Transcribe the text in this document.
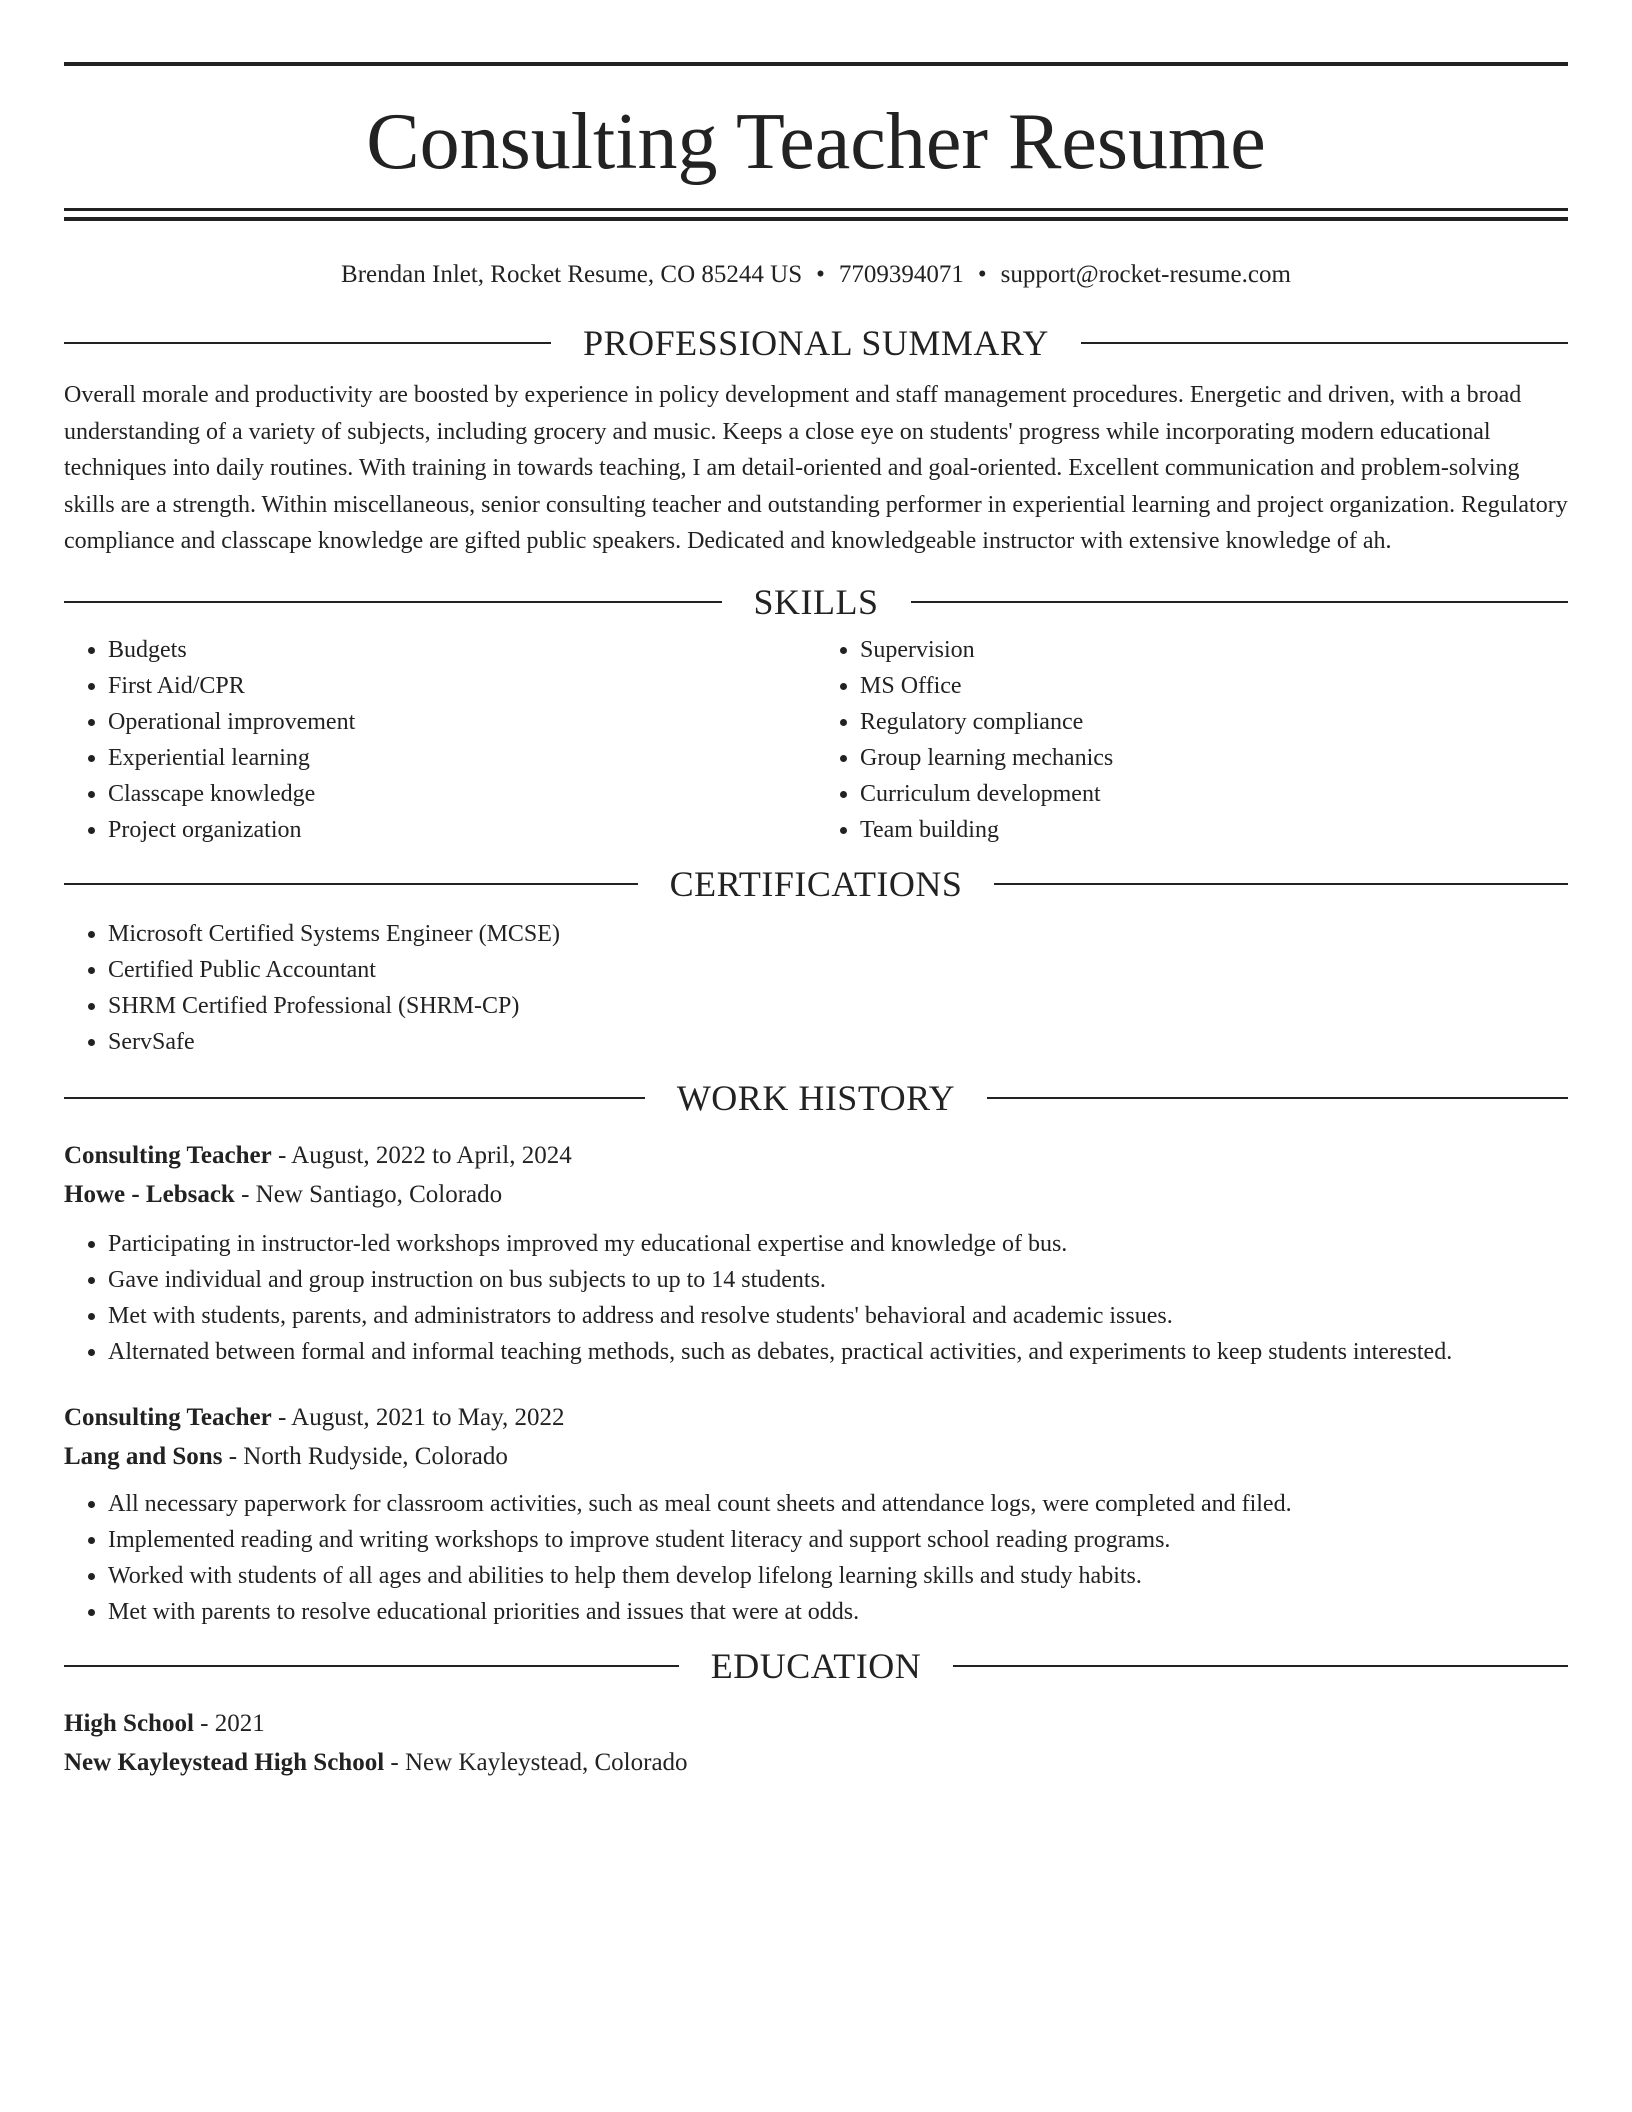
Consulting Teacher Resume
Brendan Inlet, Rocket Resume, CO 85244 US • 7709394071 • support@rocket-resume.com
PROFESSIONAL SUMMARY

Overall morale and productivity are boosted by experience in policy development and staff management procedures. Energetic and driven, with a broad understanding of a variety of subjects, including grocery and music. Keeps a close eye on students' progress while incorporating modern educational techniques into daily routines. With training in towards teaching, I am detail-oriented and goal-oriented. Excellent communication and problem-solving skills are a strength. Within miscellaneous, senior consulting teacher and outstanding performer in experiential learning and project organization. Regulatory compliance and classcape knowledge are gifted public speakers. Dedicated and knowledgeable instructor with extensive knowledge of ah.

SKILLS
• Budgets
• First Aid/CPR
• Operational improvement
• Experiential learning
• Classcape knowledge
• Project organization
• Supervision
• MS Office
• Regulatory compliance
• Group learning mechanics
• Curriculum development
• Team building
CERTIFICATIONS
• Microsoft Certified Systems Engineer (MCSE)
• Certified Public Accountant
• SHRM Certified Professional (SHRM-CP)
• ServSafe
WORK HISTORY
Consulting Teacher - August, 2022 to April, 2024
Howe - Lebsack - New Santiago, Colorado
• Participating in instructor-led workshops improved my educational expertise and knowledge of bus.
• Gave individual and group instruction on bus subjects to up to 14 students.
• Met with students, parents, and administrators to address and resolve students' behavioral and academic issues.
• Alternated between formal and informal teaching methods, such as debates, practical activities, and experiments to keep students interested.
Consulting Teacher - August, 2021 to May, 2022
Lang and Sons - North Rudyside, Colorado
• All necessary paperwork for classroom activities, such as meal count sheets and attendance logs, were completed and filed.
• Implemented reading and writing workshops to improve student literacy and support school reading programs.
• Worked with students of all ages and abilities to help them develop lifelong learning skills and study habits.
• Met with parents to resolve educational priorities and issues that were at odds.
EDUCATION
High School - 2021
New Kayleystead High School - New Kayleystead, Colorado
